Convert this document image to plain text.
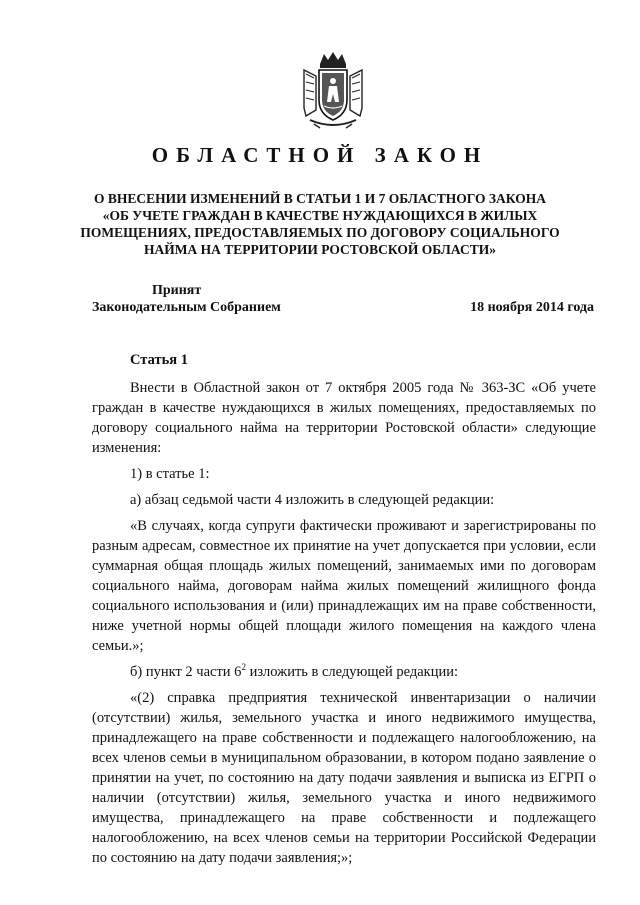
ОБЛАСТНОЙ ЗАКОН
О ВНЕСЕНИИ ИЗМЕНЕНИЙ В СТАТЬИ 1 И 7 ОБЛАСТНОГО ЗАКОНА
«ОБ УЧЕТЕ ГРАЖДАН В КАЧЕСТВЕ НУЖДАЮЩИХСЯ В ЖИЛЫХ
ПОМЕЩЕНИЯХ, ПРЕДОСТАВЛЯЕМЫХ ПО ДОГОВОРУ СОЦИАЛЬНОГО
НАЙМА НА ТЕРРИТОРИИ РОСТОВСКОЙ ОБЛАСТИ»
Принят
Законодательным Собранием	18 ноября 2014 года
Статья 1

Внести в Областной закон от 7 октября 2005 года № 363-ЗС «Об учете граждан в качестве нуждающихся в жилых помещениях, предоставляемых по договору социального найма на территории Ростовской области» следующие изменения:

1) в статье 1:

а) абзац седьмой части 4 изложить в следующей редакции:

«В случаях, когда супруги фактически проживают и зарегистрированы по разным адресам, совместное их принятие на учет допускается при условии, если суммарная общая площадь жилых помещений, занимаемых ими по договорам социального найма, договорам найма жилых помещений жилищного фонда социального использования и (или) принадлежащих им на праве собственности, ниже учетной нормы общей площади жилого помещения на каждого члена семьи.»;

б) пункт 2 части $6^2$ изложить в следующей редакции:

«(2) справка предприятия технической инвентаризации о наличии (отсутствии) жилья, земельного участка и иного недвижимого имущества, принадлежащего на праве собственности и подлежащего налогообложению, на всех членов семьи в муниципальном образовании, в котором подано заявление о принятии на учет, по состоянию на дату подачи заявления и выписка из ЕГРП о наличии (отсутствии) жилья, земельного участка и иного недвижимого имущества, принадлежащего на праве собственности и подлежащего налогообложению, на всех членов семьи на территории Российской Федерации по состоянию на дату подачи заявления;»;
